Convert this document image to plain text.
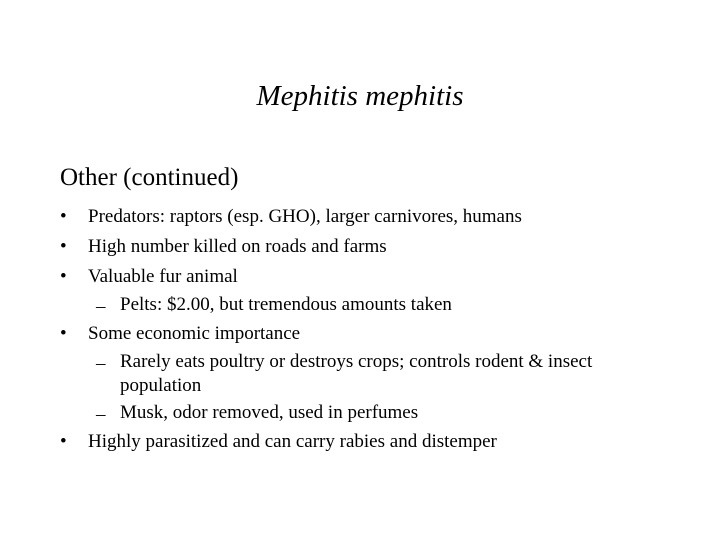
Mephitis mephitis
Other (continued)
•	Predators: raptors (esp. GHO), larger carnivores, humans
•	High number killed on roads and farms
•	Valuable fur animal
– Pelts: $2.00, but tremendous amounts taken
•	Some economic importance
– Rarely eats poultry or destroys crops; controls rodent & insect population
– Musk, odor removed, used in perfumes
•	Highly parasitized and can carry rabies and distemper
